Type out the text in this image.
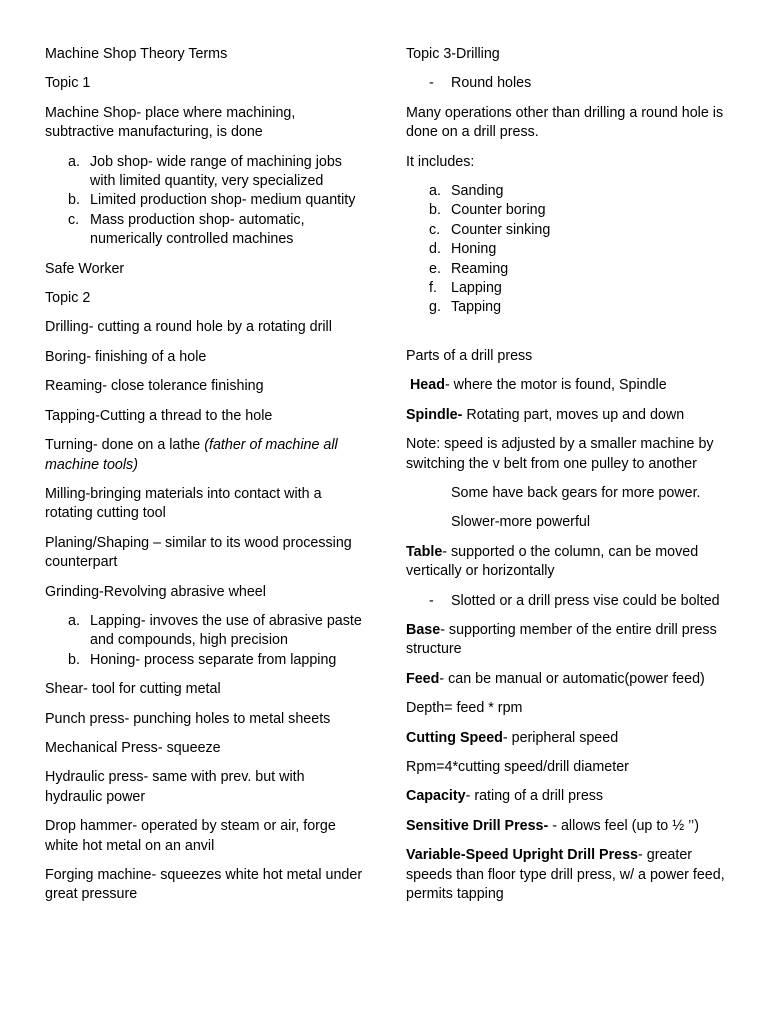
Machine Shop Theory Terms

Topic 1

Machine Shop- place where machining, subtractive manufacturing, is done

a. Job shop- wide range of machining jobs with limited quantity, very specialized
b. Limited production shop- medium quantity
c. Mass production shop- automatic, numerically controlled machines

Safe Worker

Topic 2

Drilling- cutting a round hole by a rotating drill

Boring- finishing of a hole

Reaming- close tolerance finishing

Tapping-Cutting a thread to the hole

Turning- done on a lathe (father of machine all machine tools)

Milling-bringing materials into contact with a rotating cutting tool

Planing/Shaping – similar to its wood processing counterpart

Grinding-Revolving abrasive wheel

a. Lapping- invoves the use of abrasive paste and compounds, high precision
b. Honing- process separate from lapping

Shear- tool for cutting metal

Punch press- punching holes to metal sheets

Mechanical Press- squeeze

Hydraulic press- same with prev. but with hydraulic power

Drop hammer- operated by steam or air, forge white hot metal on an anvil

Forging machine- squeezes white hot metal under great pressure

Topic 3-Drilling

- Round holes

Many operations other than drilling a round hole is done on a drill press.

It includes:

a. Sanding
b. Counter boring
c. Counter sinking
d. Honing
e. Reaming
f. Lapping
g. Tapping

Parts of a drill press

Head- where the motor is found, Spindle

Spindle- Rotating part, moves up and down

Note: speed is adjusted by a smaller machine by switching the v belt from one pulley to another

Some have back gears for more power.

Slower-more powerful

Table- supported o the column, can be moved vertically or horizontally

- Slotted or a drill press vise could be bolted

Base- supporting member of the entire drill press structure

Feed- can be manual or automatic(power feed)

Depth= feed * rpm

Cutting Speed- peripheral speed

Rpm=4*cutting speed/drill diameter

Capacity- rating of a drill press

Sensitive Drill Press- - allows feel (up to ½ ’’)

Variable-Speed Upright Drill Press- greater speeds than floor type drill press, w/ a power feed, permits tapping
